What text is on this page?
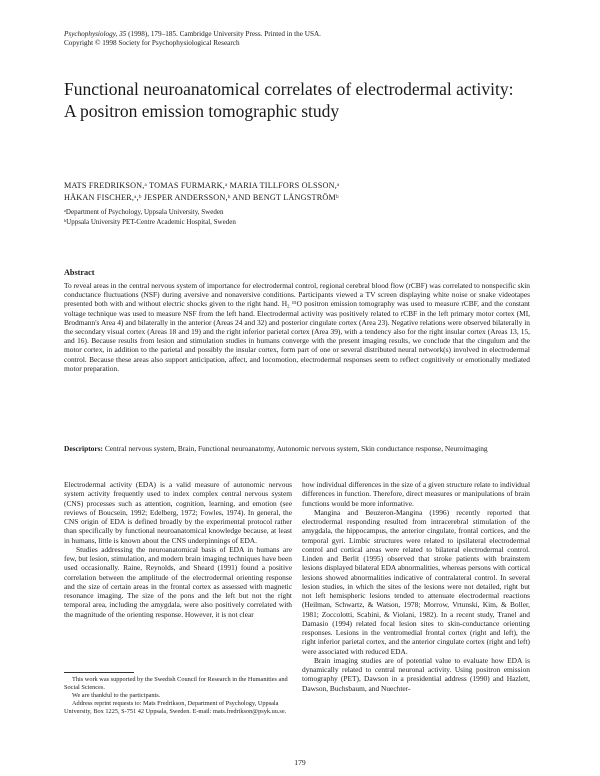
Psychophysiology, 35 (1998), 179–185. Cambridge University Press. Printed in the USA.
Copyright © 1998 Society for Psychophysiological Research
Functional neuroanatomical correlates of electrodermal activity: A positron emission tomographic study
MATS FREDRIKSON,ᵃ TOMAS FURMARK,ᵃ MARIA TILLFORS OLSSON,ᵃ
HÅKAN FISCHER,ᵃ,ᵇ JESPER ANDERSSON,ᵇ AND BENGT LÅNGSTRÖMᵇ
ᵃDepartment of Psychology, Uppsala University, Sweden
ᵇUppsala University PET-Centre Academic Hospital, Sweden
Abstract
To reveal areas in the central nervous system of importance for electrodermal control, regional cerebral blood flow (rCBF) was correlated to nonspecific skin conductance fluctuations (NSF) during aversive and nonaversive conditions. Participants viewed a TV screen displaying white noise or snake videotapes presented both with and without electric shocks given to the right hand. H₂ ¹⁵O positron emission tomography was used to measure rCBF, and the constant voltage technique was used to measure NSF from the left hand. Electrodermal activity was positively related to rCBF in the left primary motor cortex (MI, Brodmann's Area 4) and bilaterally in the anterior (Areas 24 and 32) and posterior cingulate cortex (Area 23). Negative relations were observed bilaterally in the secondary visual cortex (Areas 18 and 19) and the right inferior parietal cortex (Area 39), with a tendency also for the right insular cortex (Areas 13, 15, and 16). Because results from lesion and stimulation studies in humans converge with the present imaging results, we conclude that the cingulum and the motor cortex, in addition to the parietal and possibly the insular cortex, form part of one or several distributed neural network(s) involved in electrodermal control. Because these areas also support anticipation, affect, and locomotion, electrodermal responses seem to reflect cognitively or emotionally mediated motor preparation.
Descriptors: Central nervous system, Brain, Functional neuroanatomy, Autonomic nervous system, Skin conductance response, Neuroimaging

Electrodermal activity (EDA) is a valid measure of autonomic nervous system activity frequently used to index complex central nervous system (CNS) processes such as attention, cognition, learning, and emotion (see reviews of Boucsein, 1992; Edelberg, 1972; Fowles, 1974). In general, the CNS origin of EDA is defined broadly by the experimental protocol rather than specifically by functional neuroanatomical knowledge because, at least in humans, little is known about the CNS underpinnings of EDA.

Studies addressing the neuroanatomical basis of EDA in humans are few, but lesion, stimulation, and modern brain imaging techniques have been used occasionally. Raine, Reynolds, and Sheard (1991) found a positive correlation between the amplitude of the electrodermal orienting response and the size of certain areas in the frontal cortex as assessed with magnetic resonance imaging. The size of the pons and the left but not the right temporal area, including the amygdala, were also positively correlated with the magnitude of the orienting response. However, it is not clear

how individual differences in the size of a given structure relate to individual differences in function. Therefore, direct measures or manipulations of brain functions would be more informative.

Mangina and Beuzeron-Mangina (1996) recently reported that electrodermal responding resulted from intracerebral stimulation of the amygdala, the hippocampus, the anterior cingulate, frontal cortices, and the temporal gyri. Limbic structures were related to ipsilateral electrodermal control and cortical areas were related to bilateral electrodermal control. Linden and Berlit (1995) observed that stroke patients with brainstem lesions displayed bilateral EDA abnormalities, whereas persons with cortical lesions showed abnormalities indicative of contralateral control. In several lesion studies, in which the sites of the lesions were not detailed, right but not left hemispheric lesions tended to attenuate electrodermal reactions (Heilman, Schwartz, & Watson, 1978; Morrow, Vrtunski, Kim, & Boller, 1981; Zoccolotti, Scabini, & Violani, 1982). In a recent study, Tranel and Damasio (1994) related focal lesion sites to skin-conductance orienting responses. Lesions in the ventromedial frontal cortex (right and left), the right inferior parietal cortex, and the anterior cingulate cortex (right and left) were associated with reduced EDA.

Brain imaging studies are of potential value to evaluate how EDA is dynamically related to central neuronal activity. Using positron emission tomography (PET), Dawson in a presidential address (1990) and Hazlett, Dawson, Buchsbaum, and Nuechter-

This work was supported by the Swedish Council for Research in the Humanities and Social Sciences.

We are thankful to the participants.

Address reprint requests to: Mats Fredrikson, Department of Psychology, Uppsala University, Box 1225, S-751 42 Uppsala, Sweden. E-mail: mats.fredrikson@psyk.uu.se.

179
